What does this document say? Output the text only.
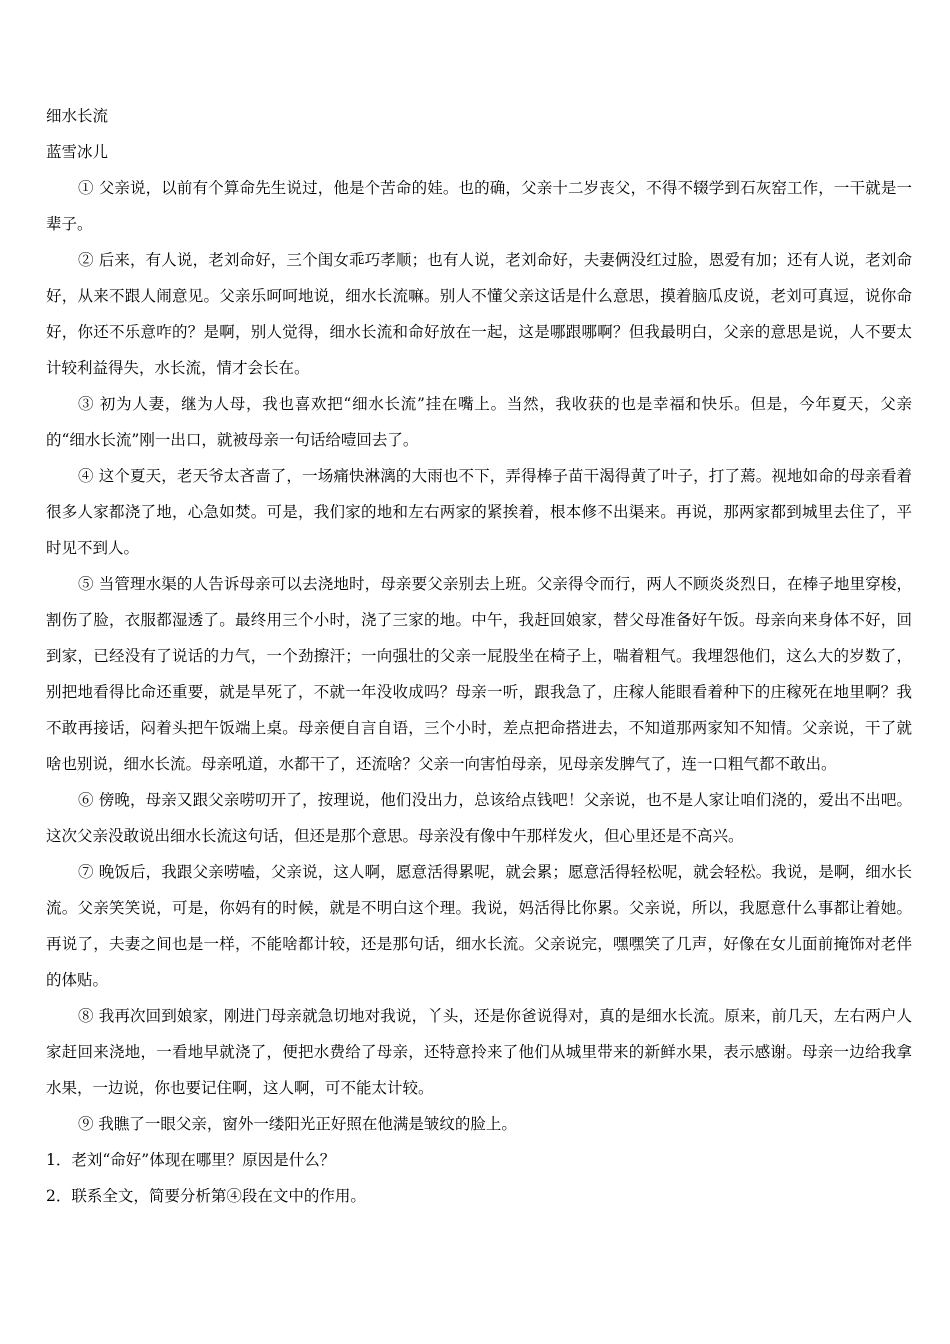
细水长流

蓝雪冰儿

① 父亲说，以前有个算命先生说过，他是个苦命的娃。也的确，父亲十二岁丧父，不得不辍学到石灰窑工作，一干就是一辈子。

② 后来，有人说，老刘命好，三个闺女乖巧孝顺；也有人说，老刘命好，夫妻俩没红过脸，恩爱有加；还有人说，老刘命好，从来不跟人闹意见。父亲乐呵呵地说，细水长流嘛。别人不懂父亲这话是什么意思，摸着脑瓜皮说，老刘可真逗，说你命好，你还不乐意咋的？是啊，别人觉得，细水长流和命好放在一起，这是哪跟哪啊？但我最明白，父亲的意思是说，人不要太计较利益得失，水长流，情才会长在。

③ 初为人妻，继为人母，我也喜欢把“细水长流”挂在嘴上。当然，我收获的也是幸福和快乐。但是，今年夏天，父亲的“细水长流”刚一出口，就被母亲一句话给噎回去了。

④ 这个夏天，老天爷太吝啬了，一场痛快淋漓的大雨也不下，弄得棒子苗干渴得黄了叶子，打了蔫。视地如命的母亲看着很多人家都浇了地，心急如焚。可是，我们家的地和左右两家的紧挨着，根本修不出渠来。再说，那两家都到城里去住了，平时见不到人。

⑤ 当管理水渠的人告诉母亲可以去浇地时，母亲要父亲别去上班。父亲得令而行，两人不顾炎炎烈日，在棒子地里穿梭，割伤了脸，衣服都湿透了。最终用三个小时，浇了三家的地。中午，我赶回娘家，替父母准备好午饭。母亲向来身体不好，回到家，已经没有了说话的力气，一个劲擦汗；一向强壮的父亲一屁股坐在椅子上，喘着粗气。我埋怨他们，这么大的岁数了，别把地看得比命还重要，就是旱死了，不就一年没收成吗？母亲一听，跟我急了，庄稼人能眼看着种下的庄稼死在地里啊？我不敢再接话，闷着头把午饭端上桌。母亲便自言自语，三个小时，差点把命搭进去，不知道那两家知不知情。父亲说，干了就啥也别说，细水长流。母亲吼道，水都干了，还流啥？父亲一向害怕母亲，见母亲发脾气了，连一口粗气都不敢出。

⑥ 傍晚，母亲又跟父亲唠叨开了，按理说，他们没出力，总该给点钱吧！父亲说，也不是人家让咱们浇的，爱出不出吧。这次父亲没敢说出细水长流这句话，但还是那个意思。母亲没有像中午那样发火，但心里还是不高兴。

⑦ 晚饭后，我跟父亲唠嗑，父亲说，这人啊，愿意活得累呢，就会累；愿意活得轻松呢，就会轻松。我说，是啊，细水长流。父亲笑笑说，可是，你妈有的时候，就是不明白这个理。我说，妈活得比你累。父亲说，所以，我愿意什么事都让着她。再说了，夫妻之间也是一样，不能啥都计较，还是那句话，细水长流。父亲说完，嘿嘿笑了几声，好像在女儿面前掩饰对老伴的体贴。

⑧ 我再次回到娘家，刚进门母亲就急切地对我说，丫头，还是你爸说得对，真的是细水长流。原来，前几天，左右两户人家赶回来浇地，一看地早就浇了，便把水费给了母亲，还特意拎来了他们从城里带来的新鲜水果，表示感谢。母亲一边给我拿水果，一边说，你也要记住啊，这人啊，可不能太计较。

⑨ 我瞧了一眼父亲，窗外一缕阳光正好照在他满是皱纹的脸上。

1．老刘“命好”体现在哪里？原因是什么？

2．联系全文，简要分析第④段在文中的作用。
